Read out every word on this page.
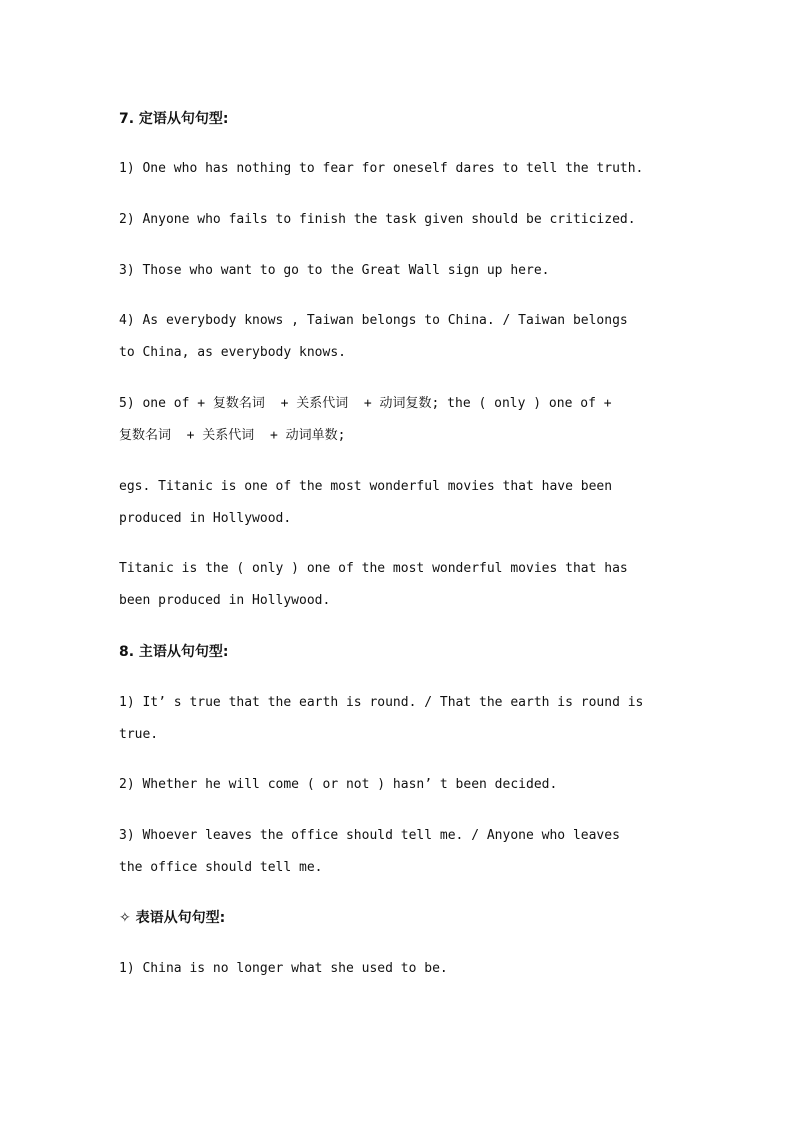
7. 定语从句句型:
1) One who has nothing to fear for oneself dares to tell the truth.
2) Anyone who fails to finish the task given should be criticized.
3) Those who want to go to the Great Wall sign up here.
4) As everybody knows , Taiwan belongs to China. / Taiwan belongs
to China, as everybody knows.
5) one of + 复数名词  + 关系代词  + 动词复数; the ( only ) one of +
复数名词  + 关系代词  + 动词单数;
egs. Titanic is one of the most wonderful movies that have been
produced in Hollywood.
Titanic is the ( only ) one of the most wonderful movies that has
been produced in Hollywood.
8. 主语从句句型:
1) It’ s true that the earth is round. / That the earth is round is
true.
2) Whether he will come ( or not ) hasn’ t been decided.
3) Whoever leaves the office should tell me. / Anyone who leaves
the office should tell me.
✧ 表语从句句型:
1) China is no longer what she used to be.
